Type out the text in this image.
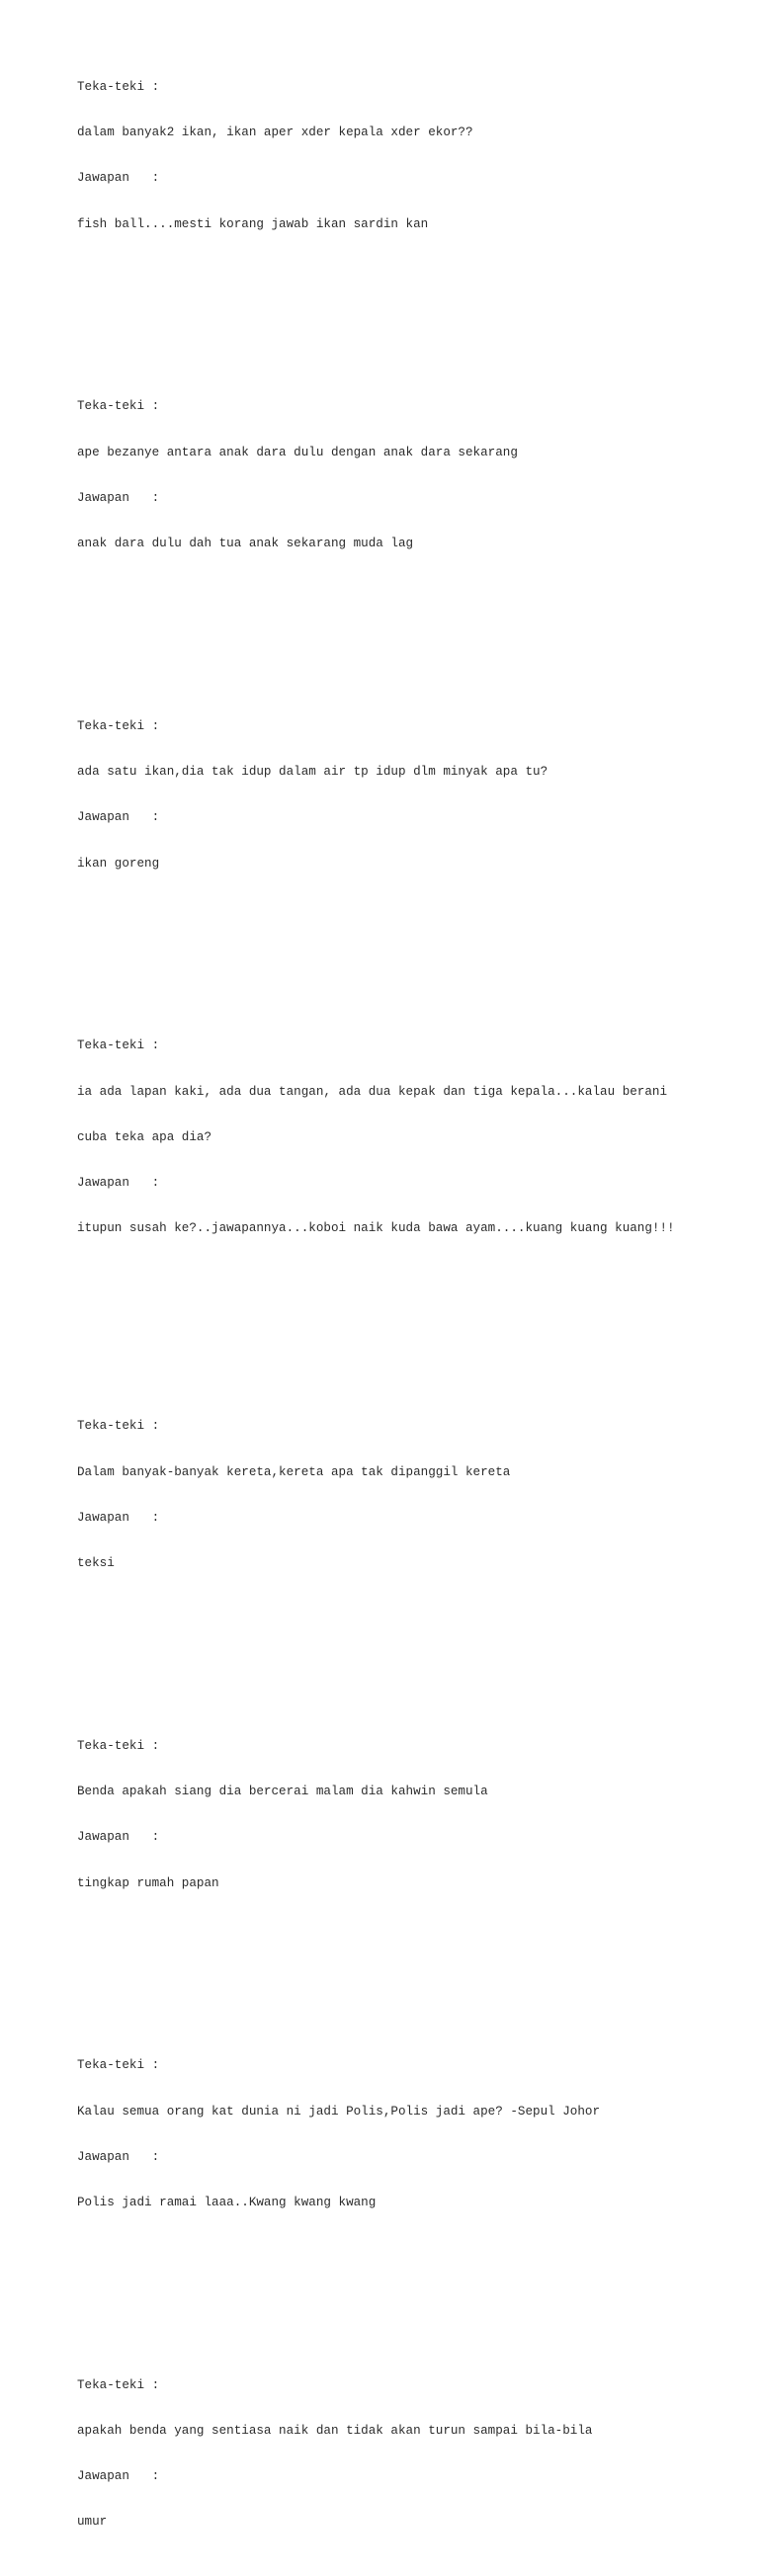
Teka-teki :

dalam banyak2 ikan, ikan aper xder kepala xder ekor??

Jawapan   :

fish ball....mesti korang jawab ikan sardin kan

Teka-teki :

ape bezanye antara anak dara dulu dengan anak dara sekarang

Jawapan   :

anak dara dulu dah tua anak sekarang muda lag

Teka-teki :

ada satu ikan,dia tak idup dalam air tp idup dlm minyak apa tu?

Jawapan   :

ikan goreng

Teka-teki :

ia ada lapan kaki, ada dua tangan, ada dua kepak dan tiga kepala...kalau berani

cuba teka apa dia?

Jawapan   :

itupun susah ke?..jawapannya...koboi naik kuda bawa ayam....kuang kuang kuang!!!

Teka-teki :

Dalam banyak-banyak kereta,kereta apa tak dipanggil kereta

Jawapan   :

teksi

Teka-teki :

Benda apakah siang dia bercerai malam dia kahwin semula

Jawapan   :

tingkap rumah papan

Teka-teki :

Kalau semua orang kat dunia ni jadi Polis,Polis jadi ape? -Sepul Johor

Jawapan   :

Polis jadi ramai laaa..Kwang kwang kwang

Teka-teki :

apakah benda yang sentiasa naik dan tidak akan turun sampai bila-bila

Jawapan   :

umur
